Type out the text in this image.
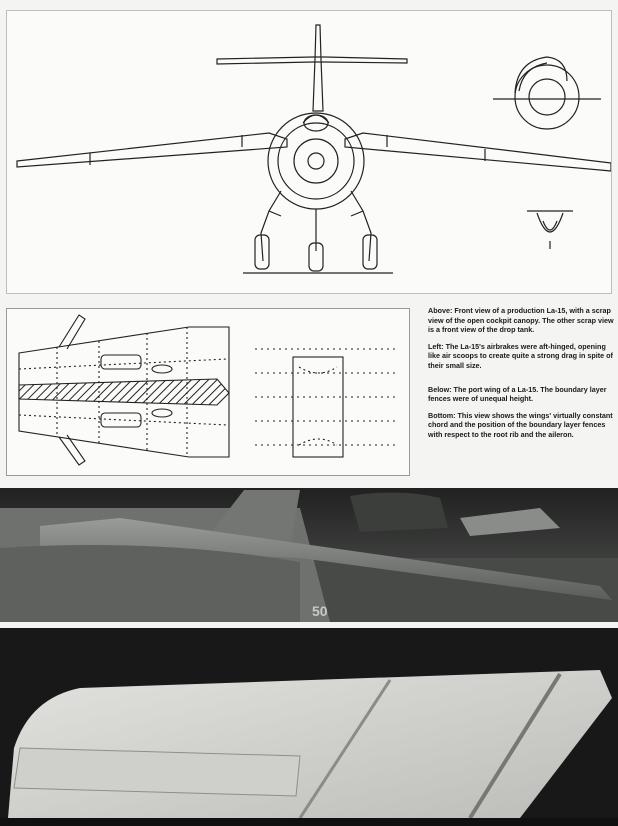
Above: Front view of a production La-15, with a scrap view of the open cockpit canopy. The other scrap view is a front view of the drop tank.

Left: The La-15's airbrakes were aft-hinged, opening like air scoops to create quite a strong drag in spite of their small size.

Below: The port wing of a La-15. The boundary layer fences were of unequal height.

Bottom: This view shows the wings' virtually constant chord and the position of the boundary layer fences with respect to the root rib and the aileron.

50
